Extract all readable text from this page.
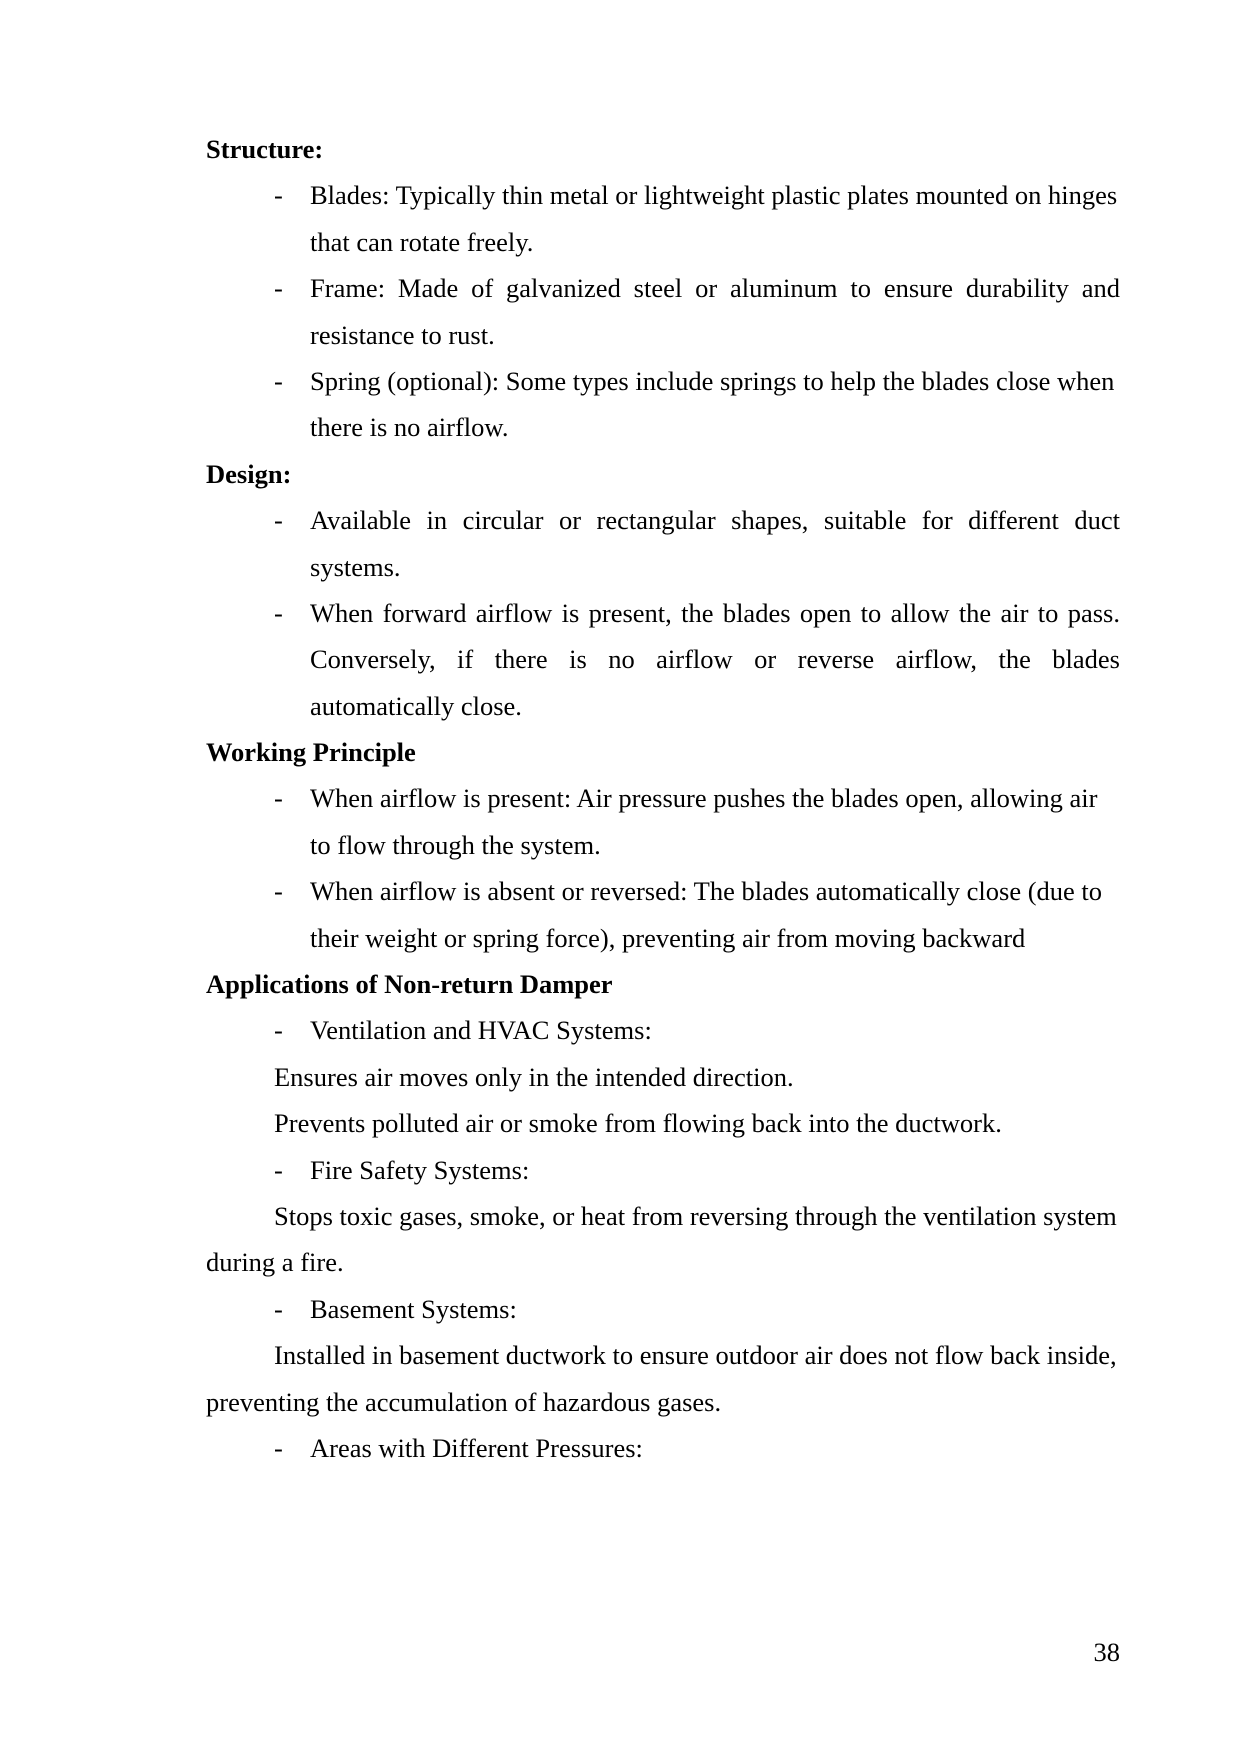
Structure:
- Blades: Typically thin metal or lightweight plastic plates mounted on hinges
that can rotate freely.
- Frame: Made of galvanized steel or aluminum to ensure durability and
resistance to rust.
- Spring (optional): Some types include springs to help the blades close when
there is no airflow.
Design:
- Available in circular or rectangular shapes, suitable for different duct
systems.
- When forward airflow is present, the blades open to allow the air to pass.
Conversely, if there is no airflow or reverse airflow, the blades
automatically close.
Working Principle
- When airflow is present: Air pressure pushes the blades open, allowing air
to flow through the system.
- When airflow is absent or reversed: The blades automatically close (due to
their weight or spring force), preventing air from moving backward
Applications of Non-return Damper
- Ventilation and HVAC Systems:
Ensures air moves only in the intended direction.
Prevents polluted air or smoke from flowing back into the ductwork.
- Fire Safety Systems:
Stops toxic gases, smoke, or heat from reversing through the ventilation system
during a fire.
- Basement Systems:
Installed in basement ductwork to ensure outdoor air does not flow back inside,
preventing the accumulation of hazardous gases.
- Areas with Different Pressures:
38
